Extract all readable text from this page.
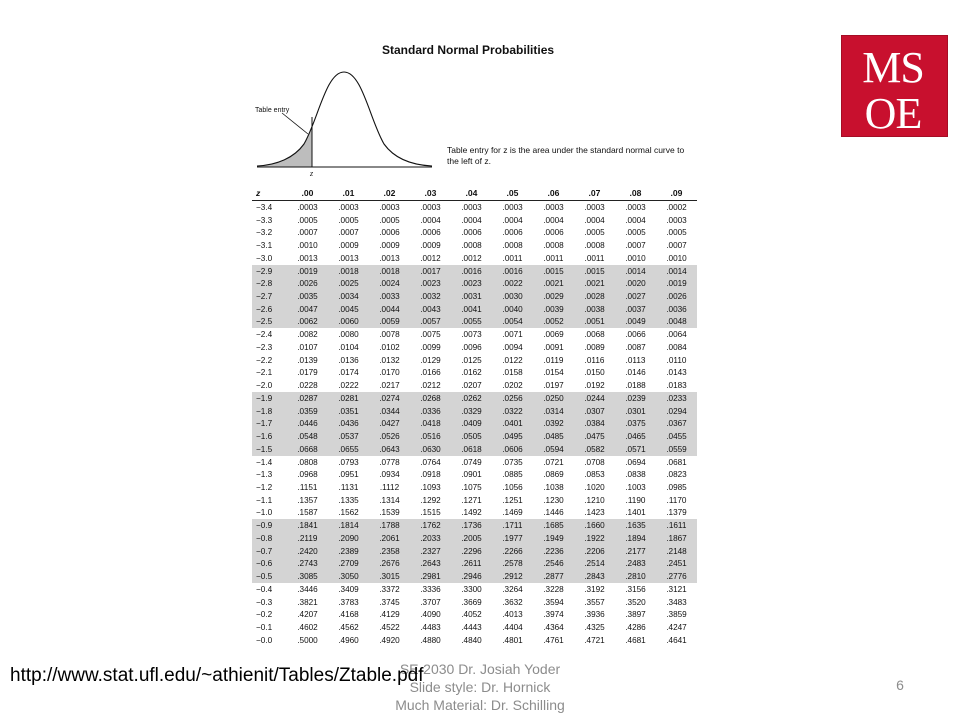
Standard Normal Probabilities
Table entry
z
Table entry for z is the area under the standard normal curve to the left of z.
z	.00	.01	.02	.03	.04	.05	.06	.07	.08	.09
−3.4	.0003	.0003	.0003	.0003	.0003	.0003	.0003	.0003	.0003	.0002
−3.3	.0005	.0005	.0005	.0004	.0004	.0004	.0004	.0004	.0004	.0003
−3.2	.0007	.0007	.0006	.0006	.0006	.0006	.0006	.0005	.0005	.0005
−3.1	.0010	.0009	.0009	.0009	.0008	.0008	.0008	.0008	.0007	.0007
−3.0	.0013	.0013	.0013	.0012	.0012	.0011	.0011	.0011	.0010	.0010
−2.9	.0019	.0018	.0018	.0017	.0016	.0016	.0015	.0015	.0014	.0014
−2.8	.0026	.0025	.0024	.0023	.0023	.0022	.0021	.0021	.0020	.0019
−2.7	.0035	.0034	.0033	.0032	.0031	.0030	.0029	.0028	.0027	.0026
−2.6	.0047	.0045	.0044	.0043	.0041	.0040	.0039	.0038	.0037	.0036
−2.5	.0062	.0060	.0059	.0057	.0055	.0054	.0052	.0051	.0049	.0048
−2.4	.0082	.0080	.0078	.0075	.0073	.0071	.0069	.0068	.0066	.0064
−2.3	.0107	.0104	.0102	.0099	.0096	.0094	.0091	.0089	.0087	.0084
−2.2	.0139	.0136	.0132	.0129	.0125	.0122	.0119	.0116	.0113	.0110
−2.1	.0179	.0174	.0170	.0166	.0162	.0158	.0154	.0150	.0146	.0143
−2.0	.0228	.0222	.0217	.0212	.0207	.0202	.0197	.0192	.0188	.0183
−1.9	.0287	.0281	.0274	.0268	.0262	.0256	.0250	.0244	.0239	.0233
−1.8	.0359	.0351	.0344	.0336	.0329	.0322	.0314	.0307	.0301	.0294
−1.7	.0446	.0436	.0427	.0418	.0409	.0401	.0392	.0384	.0375	.0367
−1.6	.0548	.0537	.0526	.0516	.0505	.0495	.0485	.0475	.0465	.0455
−1.5	.0668	.0655	.0643	.0630	.0618	.0606	.0594	.0582	.0571	.0559
−1.4	.0808	.0793	.0778	.0764	.0749	.0735	.0721	.0708	.0694	.0681
−1.3	.0968	.0951	.0934	.0918	.0901	.0885	.0869	.0853	.0838	.0823
−1.2	.1151	.1131	.1112	.1093	.1075	.1056	.1038	.1020	.1003	.0985
−1.1	.1357	.1335	.1314	.1292	.1271	.1251	.1230	.1210	.1190	.1170
−1.0	.1587	.1562	.1539	.1515	.1492	.1469	.1446	.1423	.1401	.1379
−0.9	.1841	.1814	.1788	.1762	.1736	.1711	.1685	.1660	.1635	.1611
−0.8	.2119	.2090	.2061	.2033	.2005	.1977	.1949	.1922	.1894	.1867
−0.7	.2420	.2389	.2358	.2327	.2296	.2266	.2236	.2206	.2177	.2148
−0.6	.2743	.2709	.2676	.2643	.2611	.2578	.2546	.2514	.2483	.2451
−0.5	.3085	.3050	.3015	.2981	.2946	.2912	.2877	.2843	.2810	.2776
−0.4	.3446	.3409	.3372	.3336	.3300	.3264	.3228	.3192	.3156	.3121
−0.3	.3821	.3783	.3745	.3707	.3669	.3632	.3594	.3557	.3520	.3483
−0.2	.4207	.4168	.4129	.4090	.4052	.4013	.3974	.3936	.3897	.3859
−0.1	.4602	.4562	.4522	.4483	.4443	.4404	.4364	.4325	.4286	.4247
−0.0	.5000	.4960	.4920	.4880	.4840	.4801	.4761	.4721	.4681	.4641
MS
OE
SE-2030 Dr. Josiah Yoder
Slide style: Dr. Hornick
Much Material: Dr. Schilling
http://www.stat.ufl.edu/~athienit/Tables/Ztable.pdf	6
